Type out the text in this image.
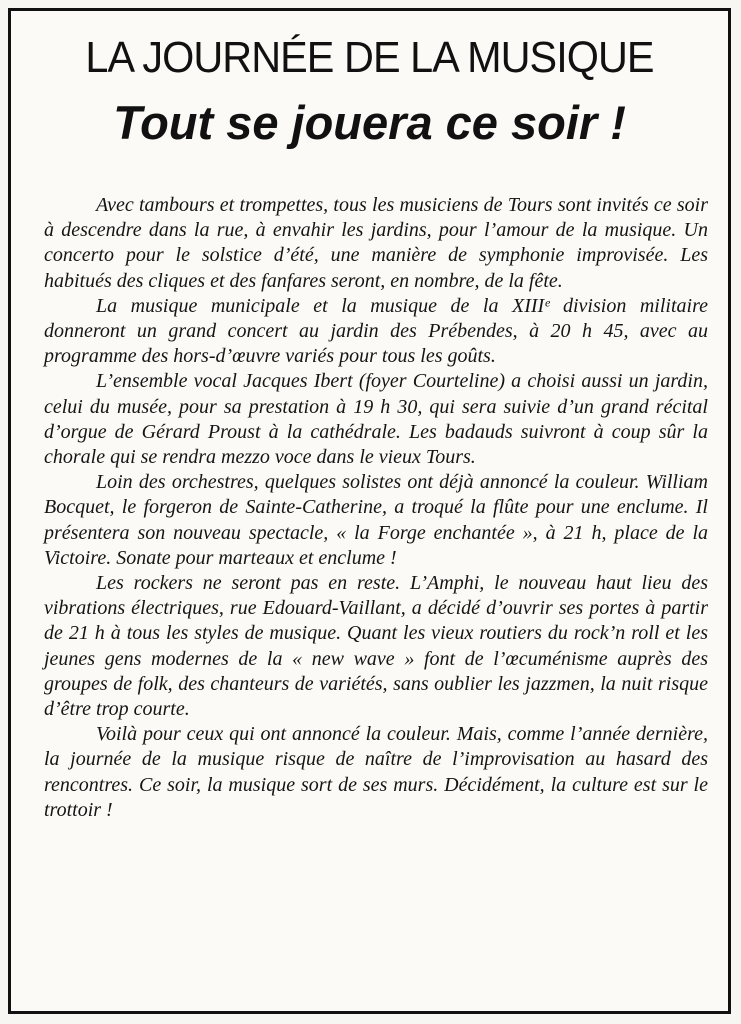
LA JOURNÉE DE LA MUSIQUE
Tout se jouera ce soir !

Avec tambours et trompettes, tous les musiciens de Tours sont invités ce soir à descendre dans la rue, à envahir les jardins, pour l’amour de la musique. Un concerto pour le solstice d’été, une manière de symphonie improvisée. Les habitués des cliques et des fanfares seront, en nombre, de la fête.

La musique municipale et la musique de la XIIIᵉ division militaire donneront un grand concert au jardin des Prébendes, à 20 h 45, avec au programme des hors-d’œuvre variés pour tous les goûts.

L’ensemble vocal Jacques Ibert (foyer Courteline) a choisi aussi un jardin, celui du musée, pour sa prestation à 19 h 30, qui sera suivie d’un grand récital d’orgue de Gérard Proust à la cathédrale. Les badauds suivront à coup sûr la chorale qui se rendra mezzo voce dans le vieux Tours.

Loin des orchestres, quelques solistes ont déjà annoncé la couleur. William Bocquet, le forgeron de Sainte-Catherine, a troqué la flûte pour une enclume. Il présentera son nouveau spectacle, « la Forge enchantée », à 21 h, place de la Victoire. Sonate pour marteaux et enclume !

Les rockers ne seront pas en reste. L’Amphi, le nouveau haut lieu des vibrations électriques, rue Edouard-Vaillant, a décidé d’ouvrir ses portes à partir de 21 h à tous les styles de musique. Quant les vieux routiers du rock’n roll et les jeunes gens modernes de la « new wave » font de l’œcuménisme auprès des groupes de folk, des chanteurs de variétés, sans oublier les jazzmen, la nuit risque d’être trop courte.

Voilà pour ceux qui ont annoncé la couleur. Mais, comme l’année dernière, la journée de la musique risque de naître de l’improvisation au hasard des rencontres. Ce soir, la musique sort de ses murs. Décidément, la culture est sur le trottoir !
